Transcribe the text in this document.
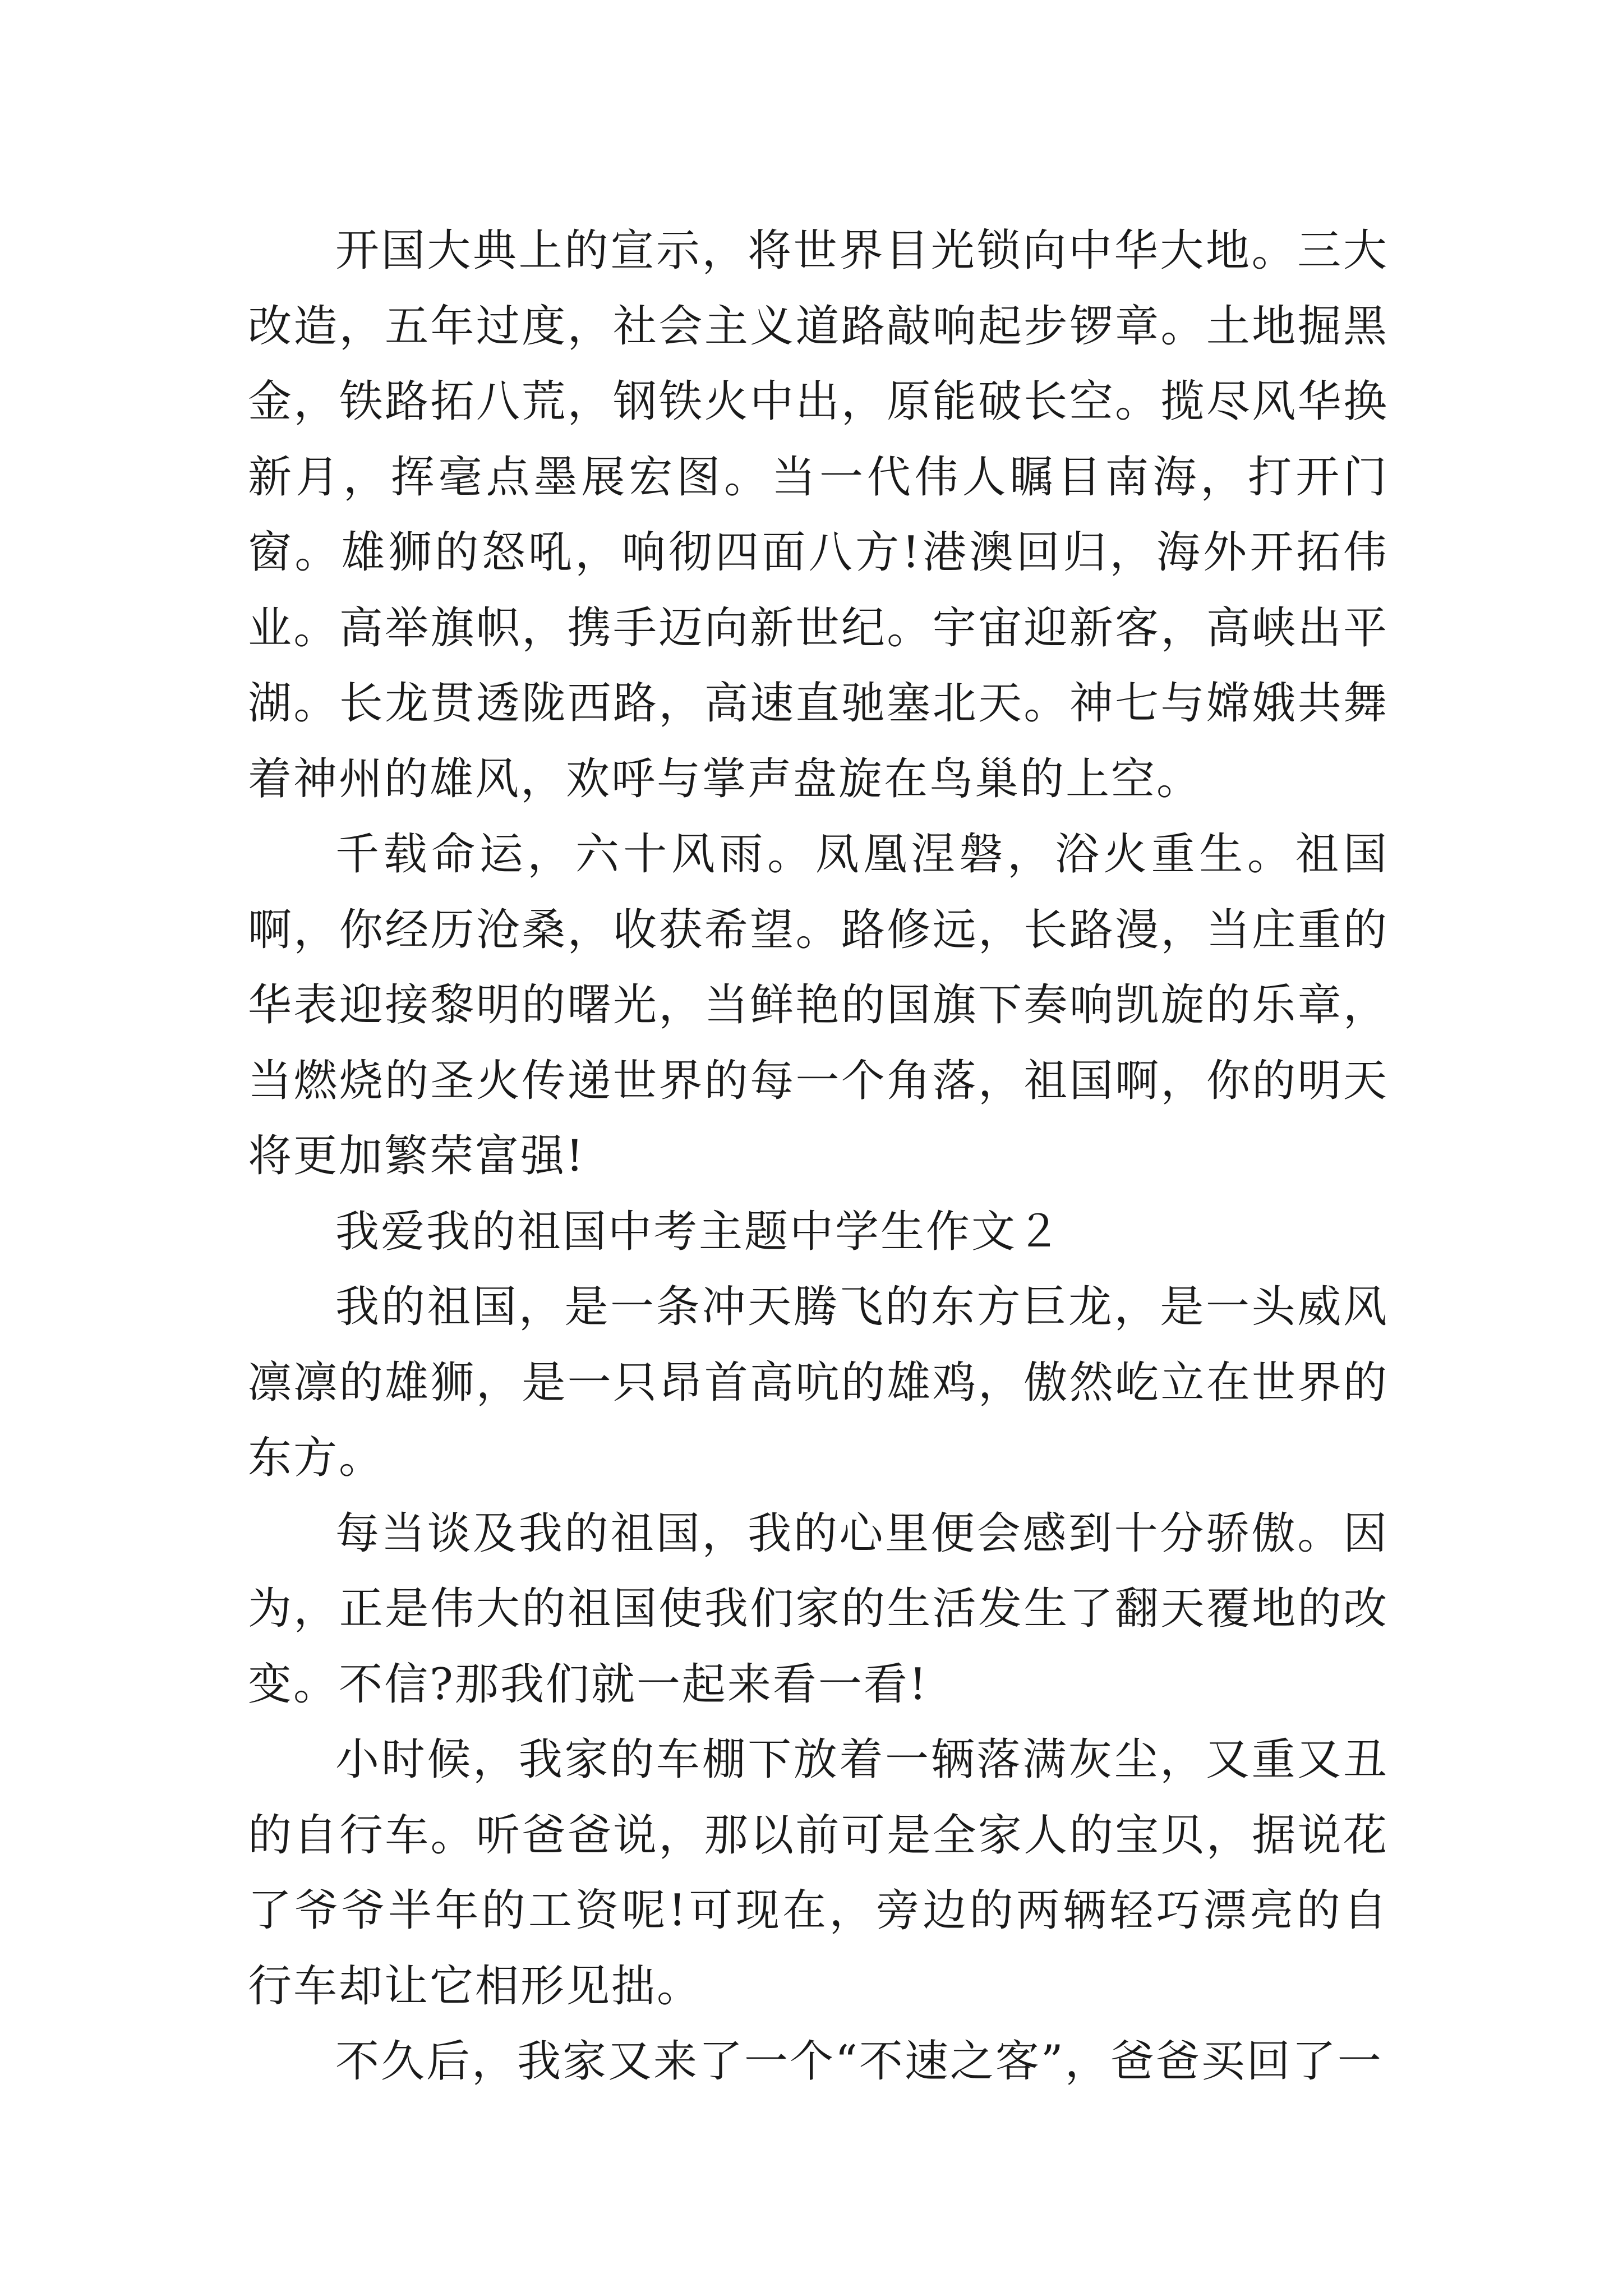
开国大典上的宣示，将世界目光锁向中华大地。三大改造，五年过度，社会主义道路敲响起步锣章。土地掘黑金，铁路拓八荒，钢铁火中出，原能破长空。揽尽风华换新月，挥毫点墨展宏图。当一代伟人瞩目南海，打开门窗。雄狮的怒吼，响彻四面八方!港澳回归，海外开拓伟业。高举旗帜，携手迈向新世纪。宇宙迎新客，高峡出平湖。长龙贯透陇西路，高速直驰塞北天。神七与嫦娥共舞着神州的雄风，欢呼与掌声盘旋在鸟巢的上空。

千载命运，六十风雨。凤凰涅磐，浴火重生。祖国啊，你经历沧桑，收获希望。路修远，长路漫，当庄重的华表迎接黎明的曙光，当鲜艳的国旗下奏响凯旋的乐章，当燃烧的圣火传递世界的每一个角落，祖国啊，你的明天将更加繁荣富强!

我爱我的祖国中考主题中学生作文２

我的祖国，是一条冲天腾飞的东方巨龙，是一头威风凛凛的雄狮，是一只昂首高吭的雄鸡，傲然屹立在世界的东方。

每当谈及我的祖国，我的心里便会感到十分骄傲。因为，正是伟大的祖国使我们家的生活发生了翻天覆地的改变。不信?那我们就一起来看一看!

小时候，我家的车棚下放着一辆落满灰尘，又重又丑的自行车。听爸爸说，那以前可是全家人的宝贝，据说花了爷爷半年的工资呢!可现在，旁边的两辆轻巧漂亮的自行车却让它相形见拙。

不久后，我家又来了一个“不速之客”，爸爸买回了一
